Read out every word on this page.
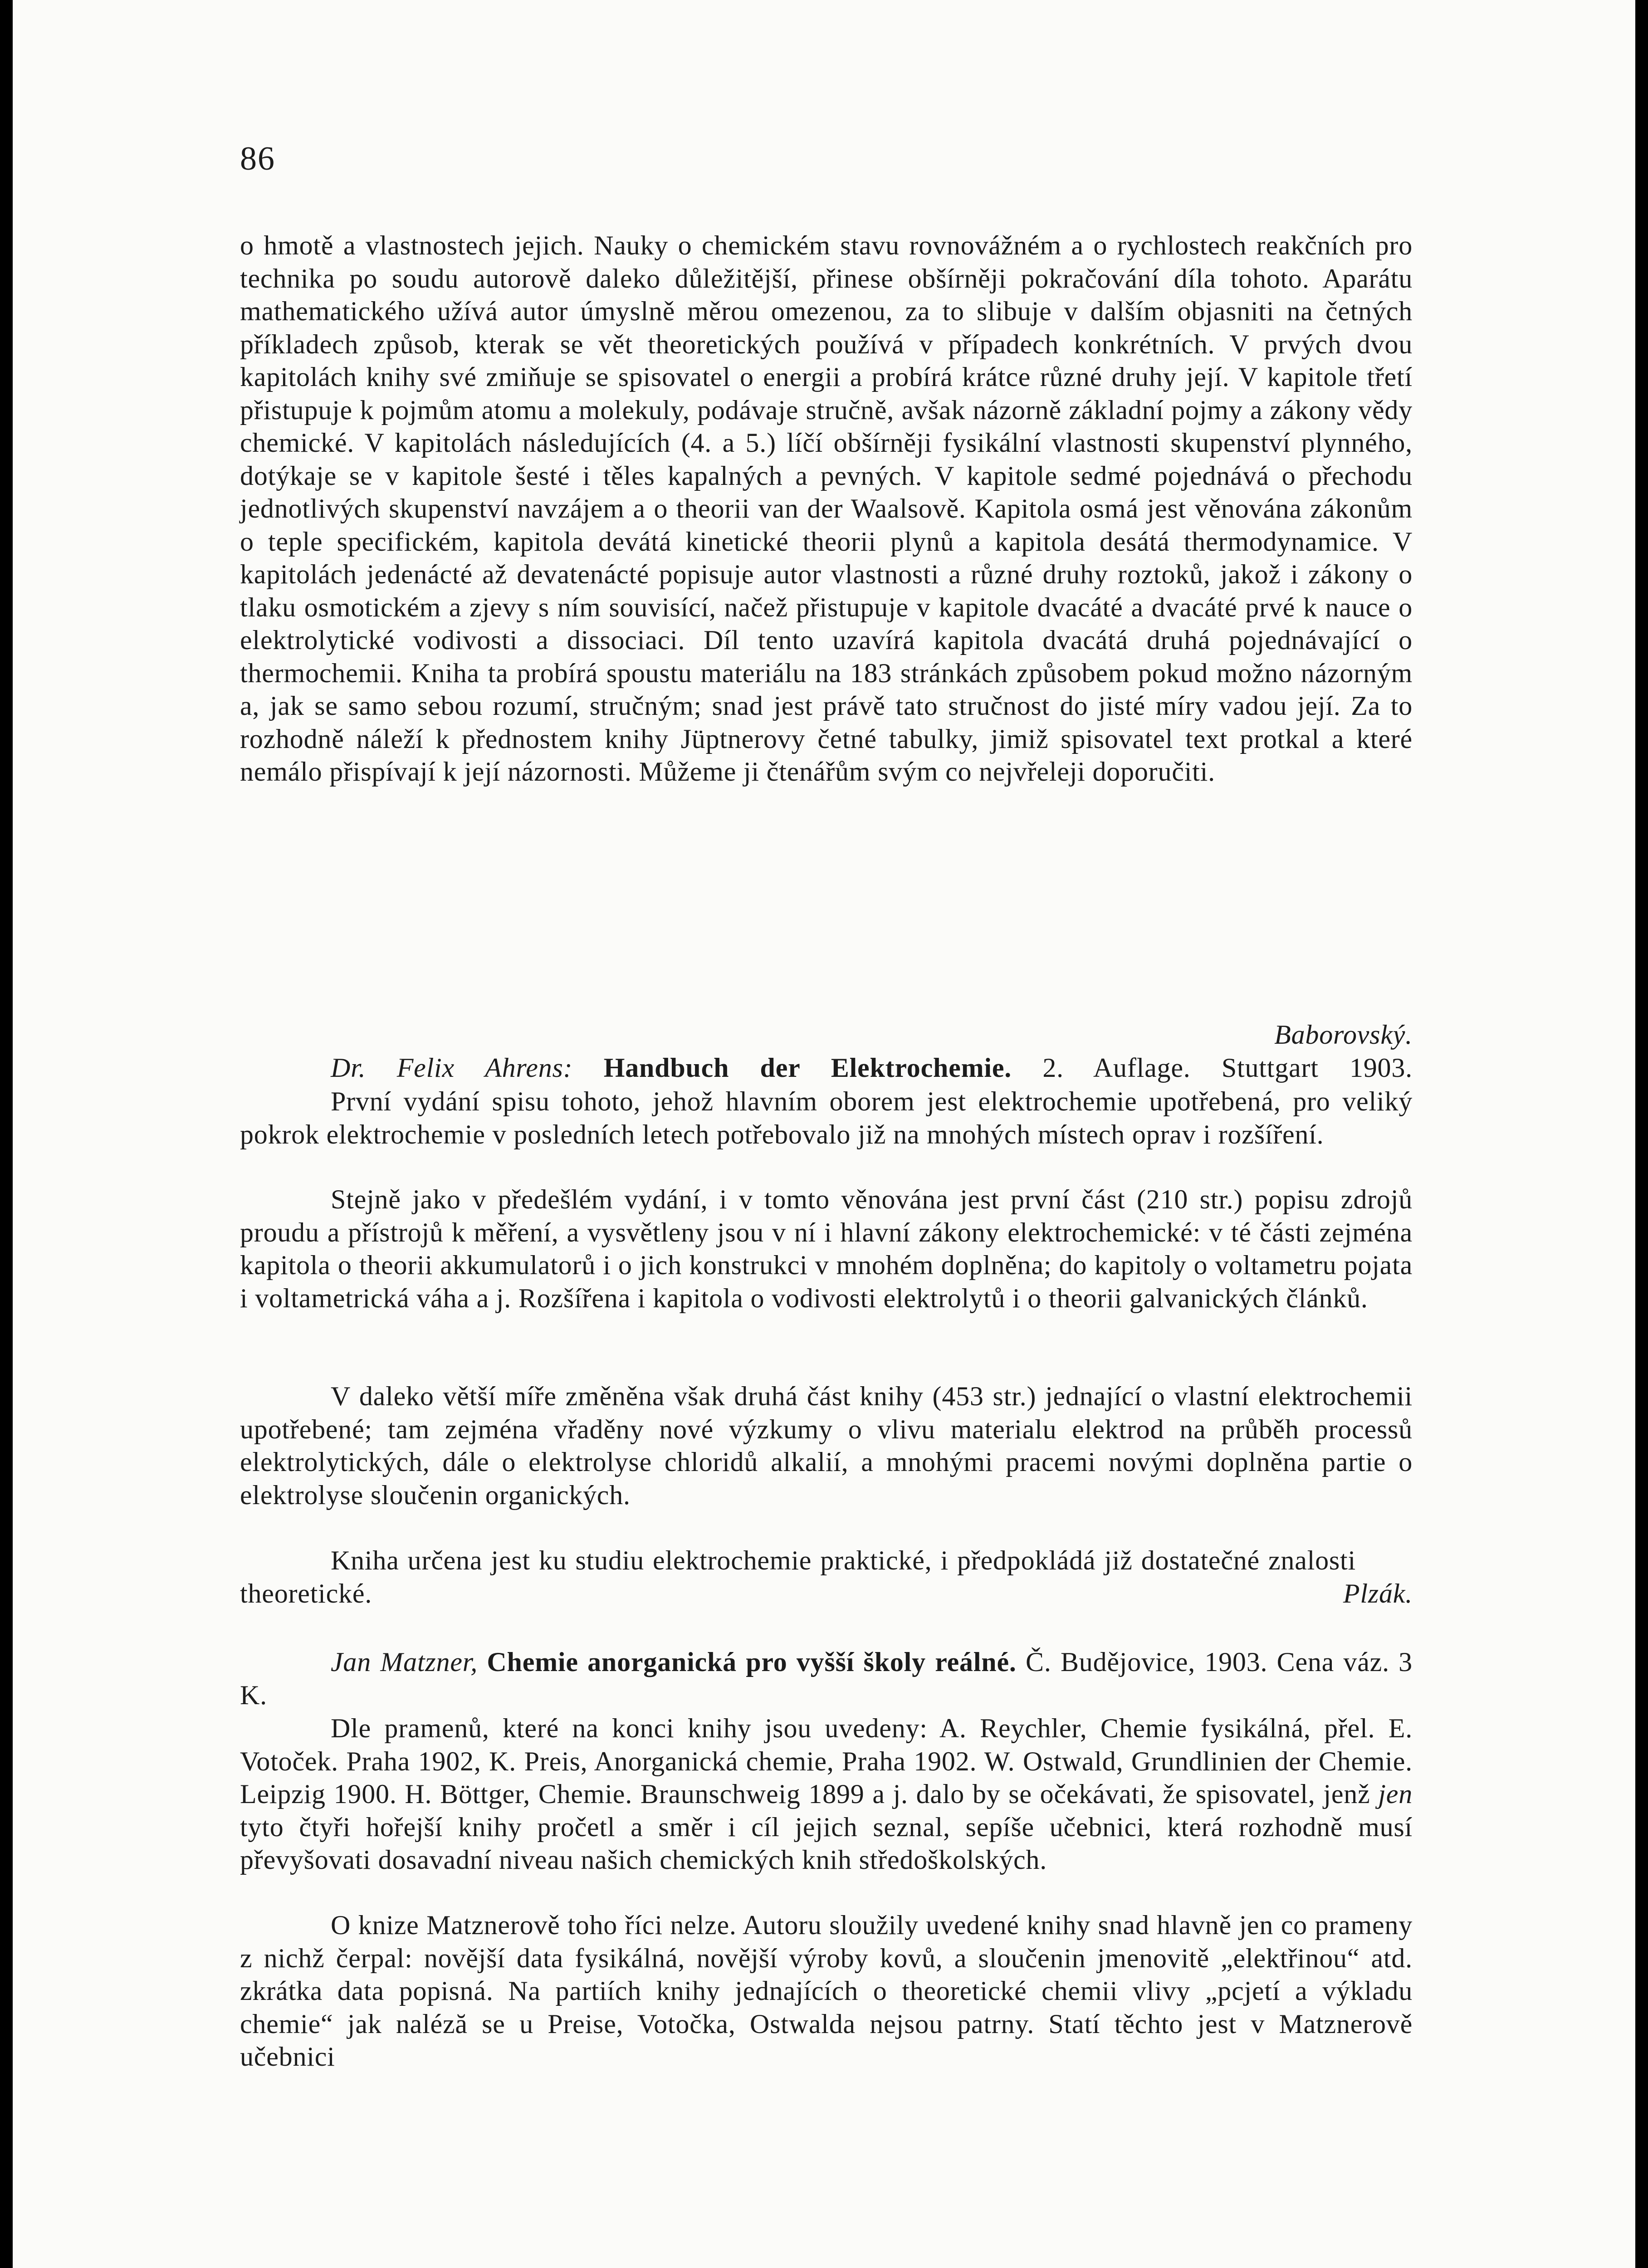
86

o hmotě a vlastnostech jejich. Nauky o chemickém stavu rovnovážném a o rychlostech reakčních pro technika po soudu autorově daleko důležitější, přinese obšírněji pokračování díla tohoto. Aparátu mathematického užívá autor úmyslně měrou omezenou, za to slibuje v dalším objasniti na četných příkladech způsob, kterak se vět theoretických používá v případech konkrétních. V prvých dvou kapitolách knihy své zmiňuje se spisovatel o energii a probírá krátce různé druhy její. V kapitole třetí přistupuje k pojmům atomu a molekuly, podávaje stručně, avšak názorně základní pojmy a zákony vědy chemické. V kapitolách následujících (4. a 5.) líčí obšírněji fysikální vlastnosti skupenství plynného, dotýkaje se v kapitole šesté i těles kapalných a pevných. V kapitole sedmé pojednává o přechodu jednotlivých skupenství navzájem a o theorii van der Waalsově. Kapitola osmá jest věnována zákonům o teple specifickém, kapitola devátá kinetické theorii plynů a kapitola desátá thermodynamice. V kapitolách jedenácté až devatenácté popisuje autor vlastnosti a různé druhy roztoků, jakož i zákony o tlaku osmotickém a zjevy s ním souvisící, načež přistupuje v kapitole dvacáté a dvacáté prvé k nauce o elektrolytické vodivosti a dissociaci. Díl tento uzavírá kapitola dvacátá druhá pojednávající o thermochemii. Kniha ta probírá spoustu materiálu na 183 stránkách způsobem pokud možno názorným a, jak se samo sebou rozumí, stručným; snad jest právě tato stručnost do jisté míry vadou její. Za to rozhodně náleží k přednostem knihy Jüptnerovy četné tabulky, jimiž spisovatel text protkal a které nemálo přispívají k její názornosti. Můžeme ji čtenářům svým co nejvřeleji doporučiti.

Baborovský.

Dr. Felix Ahrens: Handbuch der Elektrochemie. 2. Auflage. Stuttgart 1903.

První vydání spisu tohoto, jehož hlavním oborem jest elektrochemie upotřebená, pro veliký pokrok elektrochemie v posledních letech potřebovalo již na mnohých místech oprav i rozšíření.

Stejně jako v předešlém vydání, i v tomto věnována jest první část (210 str.) popisu zdrojů proudu a přístrojů k měření, a vysvětleny jsou v ní i hlavní zákony elektrochemické: v té části zejména kapitola o theorii akkumulatorů i o jich konstrukci v mnohém doplněna; do kapitoly o voltametru pojata i voltametrická váha a j. Rozšířena i kapitola o vodivosti elektrolytů i o theorii galvanických článků.

V daleko větší míře změněna však druhá část knihy (453 str.) jednající o vlastní elektrochemii upotřebené; tam zejména vřaděny nové výzkumy o vlivu materialu elektrod na průběh processů elektrolytických, dále o elektrolyse chloridů alkalií, a mnohými pracemi novými doplněna partie o elektrolyse sloučenin organických.

Kniha určena jest ku studiu elektrochemie praktické, i předpokládá již dostatečné znalosti theoretické.	Plzák.

Jan Matzner, Chemie anorganická pro vyšší školy reálné. Č. Budějovice, 1903. Cena váz. 3 K.

Dle pramenů, které na konci knihy jsou uvedeny: A. Reychler, Chemie fysikálná, přel. E. Votoček. Praha 1902, K. Preis, Anorganická chemie, Praha 1902. W. Ostwald, Grundlinien der Chemie. Leipzig 1900. H. Böttger, Chemie. Braunschweig 1899 a j. dalo by se očekávati, že spisovatel, jenž jen tyto čtyři hořejší knihy pročetl a směr i cíl jejich seznal, sepíše učebnici, která rozhodně musí převyšovati dosavadní niveau našich chemických knih středoškolských.

O knize Matznerově toho říci nelze. Autoru sloužily uvedené knihy snad hlavně jen co prameny z nichž čerpal: novější data fysikálná, novější výroby kovů, a sloučenin jmenovitě „elektřinou“ atd. zkrátka data popisná. Na partiích knihy jednajících o theoretické chemii vlivy „pcjetí a výkladu chemie“ jak naléză se u Preise, Votočka, Ostwalda nejsou patrny. Statí těchto jest v Matznerově učebnici
